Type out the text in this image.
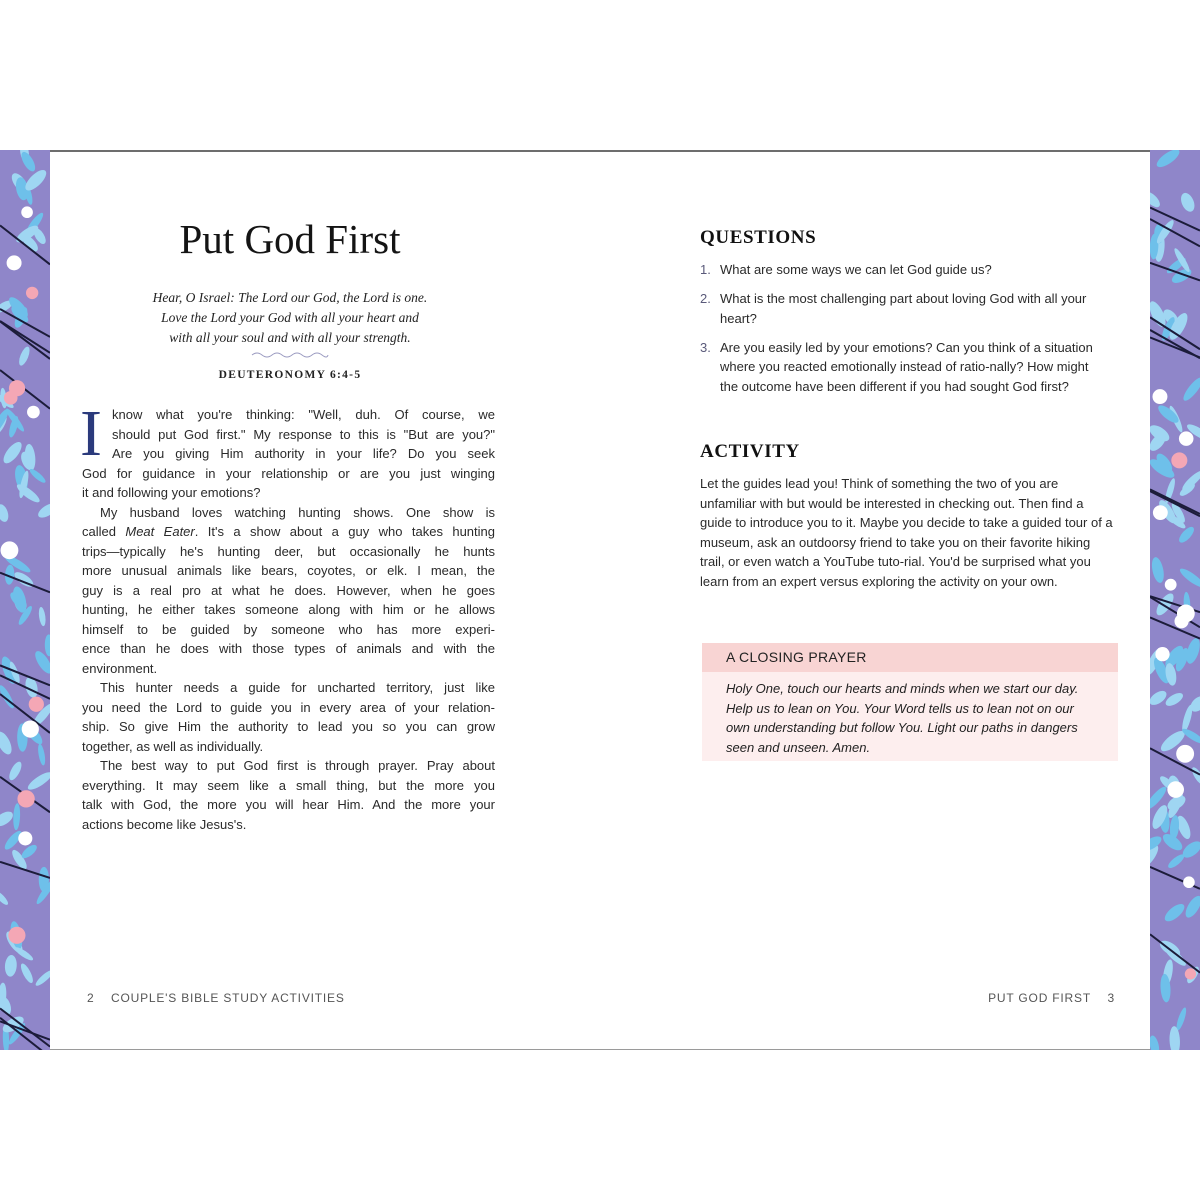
Put God First
Hear, O Israel: The Lord our God, the Lord is one.
Love the Lord your God with all your heart and
with all your soul and with all your strength.
DEUTERONOMY 6:4-5
I know what you're thinking: "Well, duh. Of course, we
should put God first." My response to this is "But are you?"
Are you giving Him authority in your life? Do you seek
God for guidance in your relationship or are you just winging
it and following your emotions?
My husband loves watching hunting shows. One show is
called Meat Eater. It's a show about a guy who takes hunting
trips—typically he's hunting deer, but occasionally he hunts
more unusual animals like bears, coyotes, or elk. I mean, the
guy is a real pro at what he does. However, when he goes
hunting, he either takes someone along with him or he allows
himself to be guided by someone who has more experi-
ence than he does with those types of animals and with the
environment.
This hunter needs a guide for uncharted territory, just like
you need the Lord to guide you in every area of your relation-
ship. So give Him the authority to lead you so you can grow
together, as well as individually.
The best way to put God first is through prayer. Pray about
everything. It may seem like a small thing, but the more you
talk with God, the more you will hear Him. And the more your
actions become like Jesus's.
2 COUPLE'S BIBLE STUDY ACTIVITIES
QUESTIONS
1. What are some ways we can let God guide us?
2. What is the most challenging part about loving God with all your heart?
3. Are you easily led by your emotions? Can you think of a situation where you reacted emotionally instead of ratio-nally? How might the outcome have been different if you had sought God first?
ACTIVITY
Let the guides lead you! Think of something the two of you are unfamiliar with but would be interested in checking out. Then find a guide to introduce you to it. Maybe you decide to take a guided tour of a museum, ask an outdoorsy friend to take you on their favorite hiking trail, or even watch a YouTube tuto-rial. You'd be surprised what you learn from an expert versus exploring the activity on your own.
A CLOSING PRAYER
Holy One, touch our hearts and minds when we start our day. Help us to lean on You. Your Word tells us to lean not on our own understanding but follow You. Light our paths in dangers seen and unseen. Amen.
PUT GOD FIRST 3
